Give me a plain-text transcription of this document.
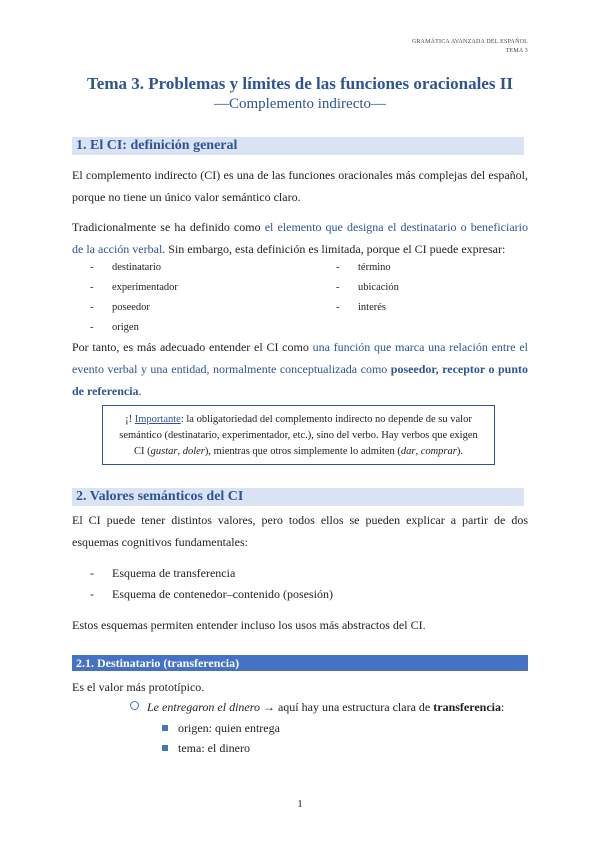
GRAMÁTICA AVANZADA DEL ESPAÑOL
TEMA 3
Tema 3. Problemas y límites de las funciones oracionales II
—Complemento indirecto—
1. El CI: definición general

El complemento indirecto (CI) es una de las funciones oracionales más complejas del español, porque no tiene un único valor semántico claro.

Tradicionalmente se ha definido como el elemento que designa el destinatario o beneficiario de la acción verbal. Sin embargo, esta definición es limitada, porque el CI puede expresar:

- destinatario
- experimentador
- poseedor
- origen
- término
- ubicación
- interés

Por tanto, es más adecuado entender el CI como una función que marca una relación entre el evento verbal y una entidad, normalmente conceptualizada como poseedor, receptor o punto de referencia.

¡! Importante: la obligatoriedad del complemento indirecto no depende de su valor semántico (destinatario, experimentador, etc.), sino del verbo. Hay verbos que exigen CI (gustar, doler), mientras que otros simplemente lo admiten (dar, comprar).
2. Valores semánticos del CI

El CI puede tener distintos valores, pero todos ellos se pueden explicar a partir de dos esquemas cognitivos fundamentales:

- Esquema de transferencia
- Esquema de contenedor–contenido (posesión)

Estos esquemas permiten entender incluso los usos más abstractos del CI.

2.1. Destinatario (transferencia)

Es el valor más prototípico.

Le entregaron el dinero → aquí hay una estructura clara de transferencia:
origen: quien entrega
tema: el dinero
1
